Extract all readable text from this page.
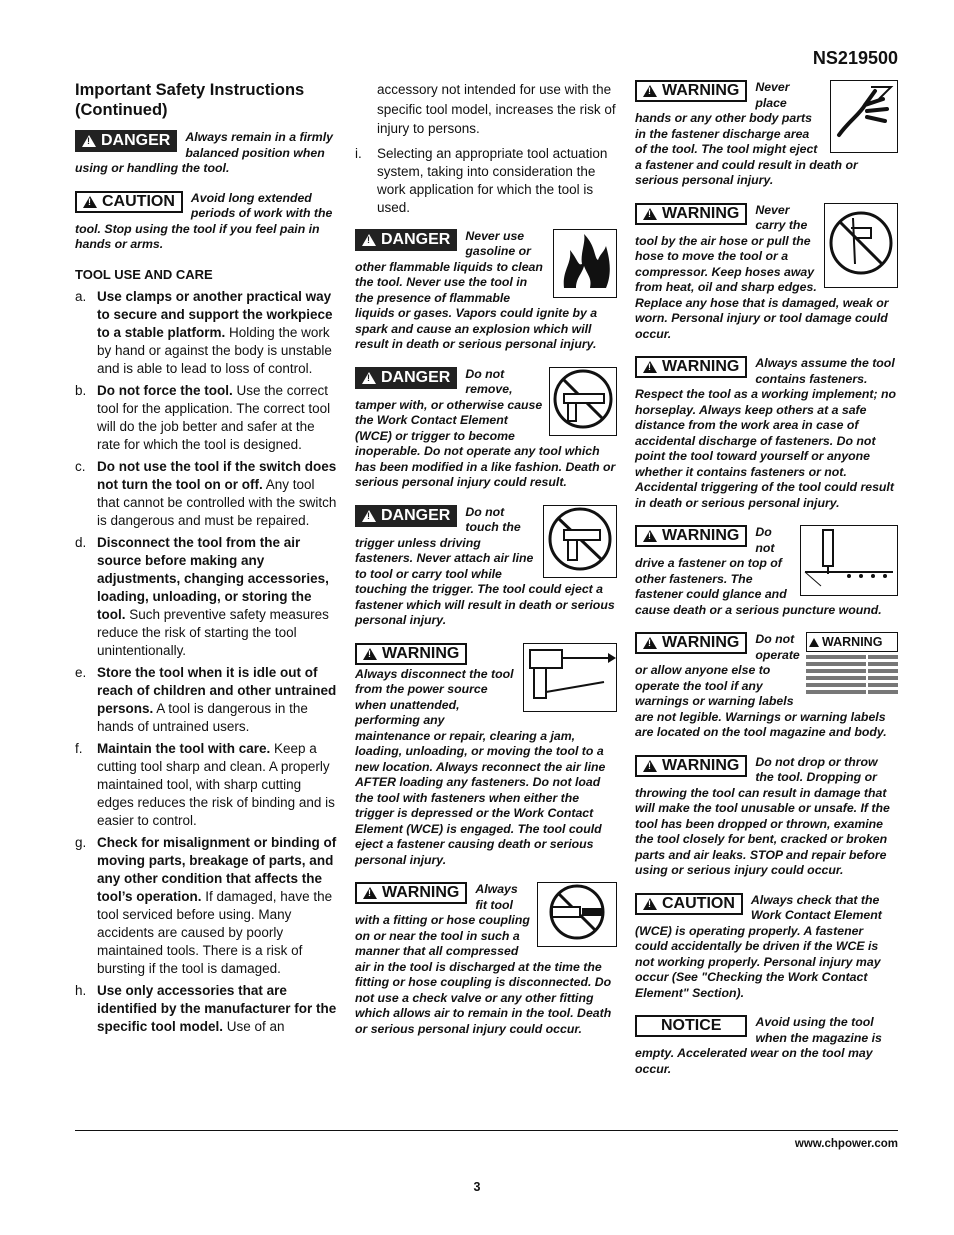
NS219500
Important Safety Instructions (Continued)
!
DANGER	Always remain in a firmly balanced position when using or handling the tool.
!
CAUTION	Avoid long extended periods of work with the tool. Stop using the tool if you feel pain in hands or arms.
TOOL USE AND CARE
a. Use clamps or another practical way to secure and support the workpiece to a stable platform. Holding the work by hand or against the body is unstable and is able to lead to loss of control.
b. Do not force the tool. Use the correct tool for the application. The correct tool will do the job better and safer at the rate for which the tool is designed.
c. Do not use the tool if the switch does not turn the tool on or off. Any tool that cannot be controlled with the switch is dangerous and must be repaired.
d. Disconnect the tool from the air source before making any adjustments, changing accessories, loading, unloading, or storing the tool. Such preventive safety measures reduce the risk of starting the tool unintentionally.
e. Store the tool when it is idle out of reach of children and other untrained persons. A tool is dangerous in the hands of untrained users.
f.	Maintain the tool with care. Keep a cutting tool sharp and clean. A properly maintained tool, with sharp cutting edges reduces the risk of binding and is easier to control.
g. Check for misalignment or binding of moving parts, breakage of parts, and any other condition that affects the tool’s operation. If damaged, have the tool serviced before using. Many accidents are caused by poorly maintained tools. There is a risk of bursting if the tool is damaged.
h. Use only accessories that are identified by the manufacturer for the specific tool model. Use of an
accessory not intended for use with the specific tool model, increases the risk of injury to persons.
i.	Selecting an appropriate tool actuation system, taking into consideration the work application for which the tool is used.
!
DANGER	Never use gasoline or other flammable liquids to clean the tool. Never use the tool in the presence of flammable liquids or gases. Vapors could ignite by a spark and cause an explosion which will result in death or serious personal injury.
!
DANGER	Do not remove, tamper with, or otherwise cause the Work Contact Element (WCE) or trigger to become inoperable. Do not operate any tool which has been modified in a like fashion. Death or serious personal injury could result.
!
DANGER	Do not touch the trigger unless driving fasteners. Never attach air line to tool or carry tool while touching the trigger. The tool could eject a fastener which will result in death or serious personal injury.
!
WARNING
Always disconnect the tool from the power source when unattended, performing any maintenance or repair, clearing a jam, loading, unloading, or moving the tool to a new location. Always reconnect the air line AFTER loading any fasteners. Do not load the tool with fasteners when either the trigger is depressed or the Work Contact Element (WCE) is engaged. The tool could eject a fastener causing death or serious personal injury.
!
WARNING	Always fit tool with a fitting or hose coupling on or near the tool in such a manner that all compressed air in the tool is discharged at the time the fitting or hose coupling is disconnected. Do not use a check valve or any other fitting which allows air to remain in the tool. Death or serious personal injury could occur.
!
WARNING	Never place hands or any other body parts in the fastener discharge area of the tool. The tool might eject a fastener and could result in death or serious personal injury.
!
WARNING	Never carry the tool by the air hose or pull the hose to move the tool or a compressor. Keep hoses away from heat, oil and sharp edges. Replace any hose that is damaged, weak or worn. Personal injury or tool damage could occur.
!
WARNING	Always assume the tool contains fasteners. Respect the tool as a working implement; no horseplay. Always keep others at a safe distance from the work area in case of accidental discharge of fasteners. Do not point the tool toward yourself or anyone whether it contains fasteners or not. Accidental triggering of the tool could result in death or serious personal injury.
!
WARNING	Do not drive a fastener on top of other fasteners. The fastener could glance and cause death or a serious puncture wound.
WARNING
!
WARNING	Do not operate or allow anyone else to operate the tool if any warnings or warning labels are not legible. Warnings or warning labels are located on the tool magazine and body.
!
WARNING	Do not drop or throw the tool. Dropping or throwing the tool can result in damage that will make the tool unusable or unsafe. If the tool has been dropped or thrown, examine the tool closely for bent, cracked or broken parts and air leaks. STOP and repair before using or serious injury could occur.
!
CAUTION	Always check that the Work Contact Element (WCE) is operating properly. A fastener could accidentally be driven if the WCE is not working properly. Personal injury may occur (See "Checking the Work Contact Element" Section).
NOTICE	Avoid using the tool when the magazine is empty. Accelerated wear on the tool may occur.
www.chpower.com
3
